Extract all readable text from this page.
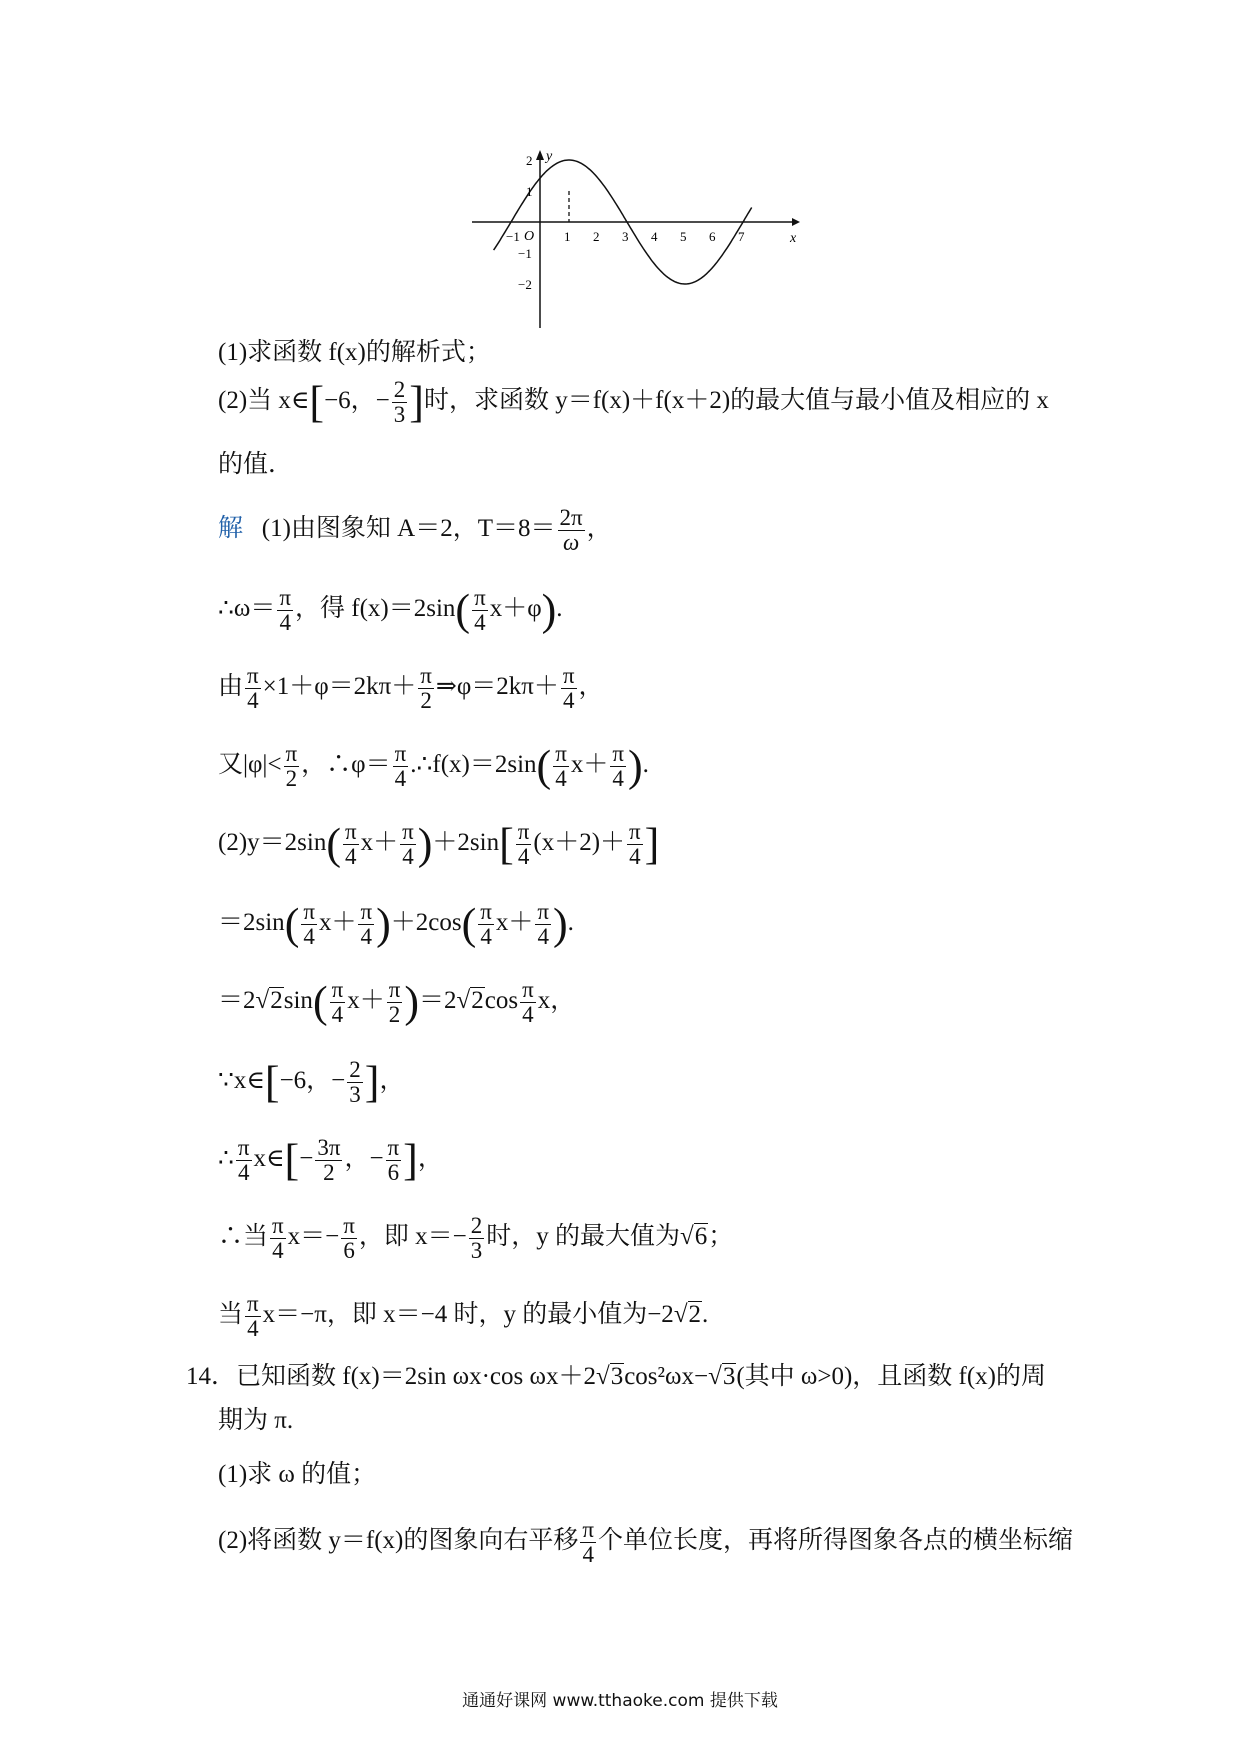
y
x
O
−1	1 2 3 4 5 6 7
2
1
−1
−2
(1)求函数 f(x)的解析式；
(2)当 x∈[−6，− $\frac{2}{3}$ ]时，求函数 y＝f(x)＋f(x＋2)的最大值与最小值及相应的 x
的值．
解 (1)由图象知 A＝2，$T=8= \frac{2\pi}{\omega}$ ，
∴ω＝ $\frac{\pi}{4}$ ，得 $f(x)=2\sin( \frac{\pi}{4} x+\varphi)$.
由 $\frac{\pi}{4} \times 1+\varphi=2k\pi+ \frac{\pi}{2}$ ⇒φ＝2kπ＋ $\frac{\pi}{4}$ ，
又$|\varphi|< \frac{\pi}{2}$ ，∴φ＝ $\frac{\pi}{4}$ .∴f(x)＝2sin( $\frac{\pi}{4} x+ \frac{\pi}{4}$ ).
$(2)y=2\sin( \frac{\pi}{4} x+ \frac{\pi}{4} )+2\sin[ \frac{\pi}{4} (x+2)+ \frac{\pi}{4}$ ]
$=2\sin( \frac{\pi}{4} x+ \frac{\pi}{4} )+2\cos( \frac{\pi}{4} x+ \frac{\pi}{4}$ ).
$=2√2\sin( \frac{\pi}{4} x+ \frac{\pi}{2} )=2√2\cos \frac{\pi}{4}$ x，
∵x∈[−6，− $\frac{2}{3}$ ]，
∴ $\frac{\pi}{4}$ x∈[− $\frac{3\pi}{2}$ ，− $\frac{\pi}{6}$ ]，
∴当 $\frac{\pi}{4} x=- \frac{\pi}{6}$ ，即 $x=- \frac{2}{3}$ 时，y 的最大值为√6；
当 $\frac{\pi}{4} x=-\pi$，即 x＝−4 时，y 的最小值为−2√2.
14．已知函数 f(x)＝2sin ωx·cos ωx＋2√3cos²ωx−√3(其中 ω>0)，且函数 f(x)的周
期为 π.
(1)求 ω 的值；
(2)将函数 y＝f(x)的图象向右平移 $\frac{\pi}{4}$ 个单位长度，再将所得图象各点的横坐标缩
通通好课网 www.tthaoke.com 提供下载
